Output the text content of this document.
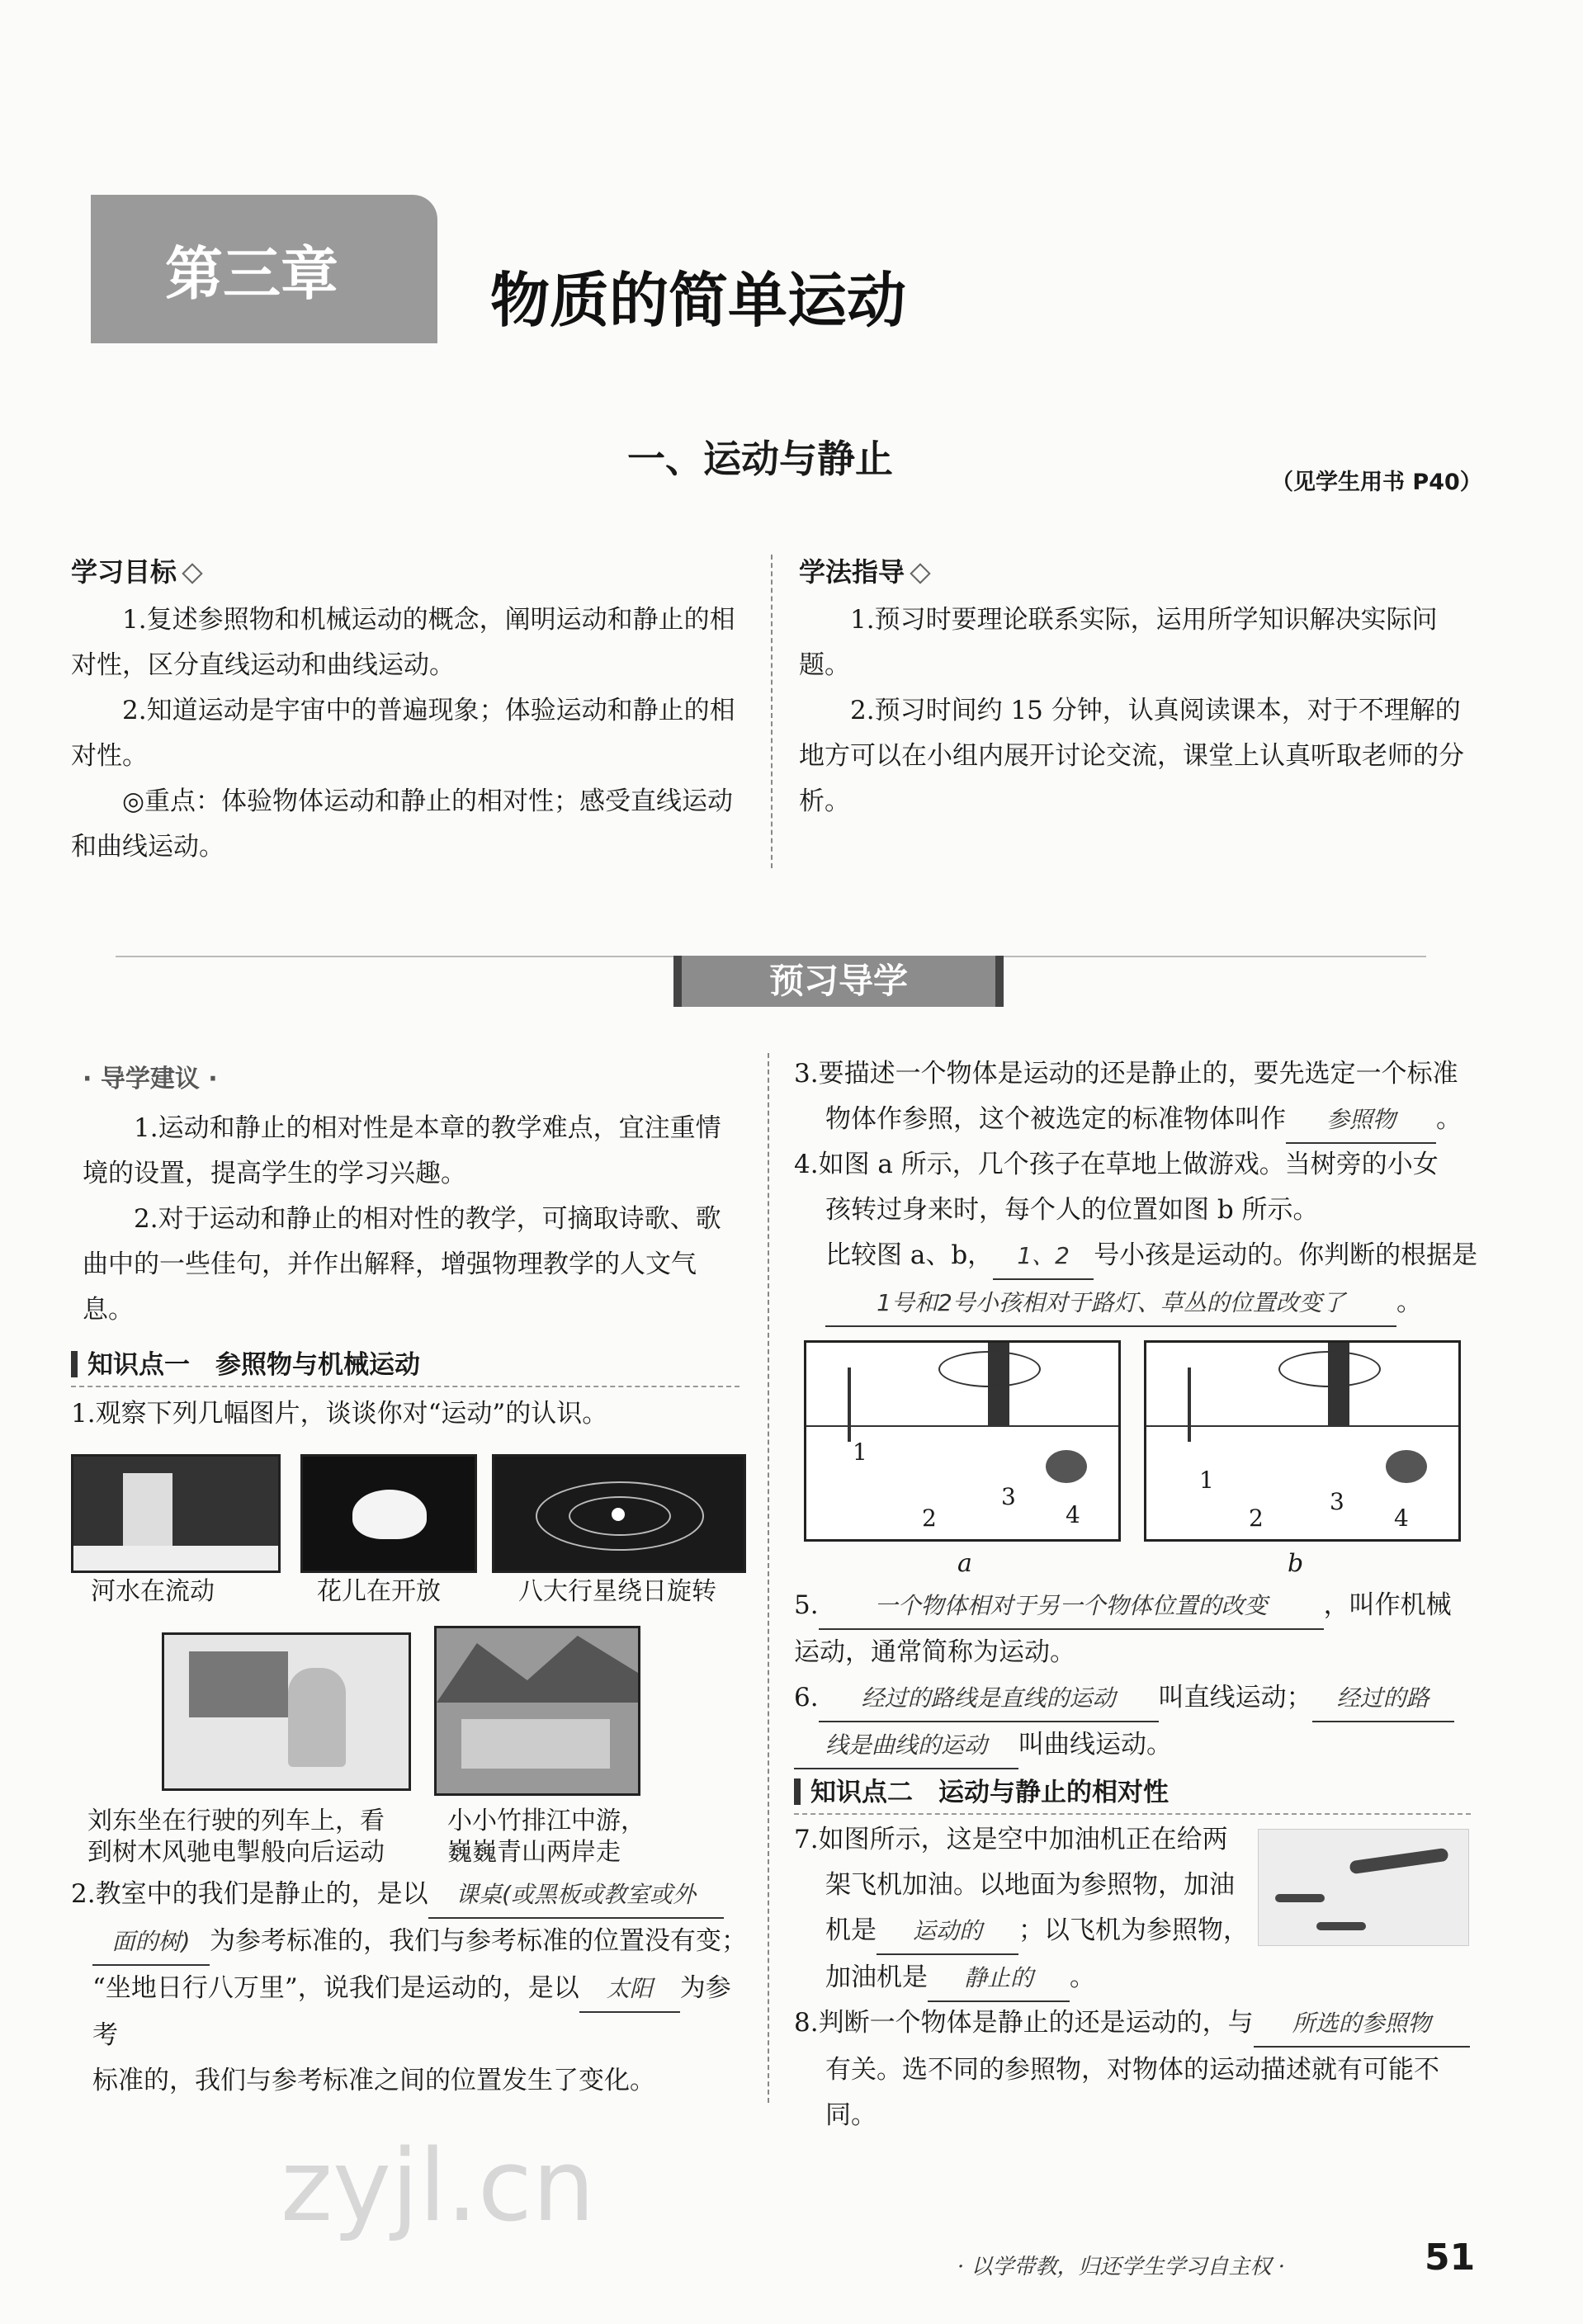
第三章	物质的简单运动
一、运动与静止
（见学生用书 P40）
学习目标

1.复述参照物和机械运动的概念，阐明运动和静止的相对性，区分直线运动和曲线运动。

2.知道运动是宇宙中的普遍现象；体验运动和静止的相对性。

◎重点：体验物体运动和静止的相对性；感受直线运动和曲线运动。

学法指导

1.预习时要理论联系实际，运用所学知识解决实际问题。

2.预习时间约 15 分钟，认真阅读课本，对于不理解的地方可以在小组内展开讨论交流，课堂上认真听取老师的分析。

预习导学
· 导学建议 ·

1.运动和静止的相对性是本章的教学难点，宜注重情境的设置，提高学生的学习兴趣。

2.对于运动和静止的相对性的教学，可摘取诗歌、歌曲中的一些佳句，并作出解释，增强物理教学的人文气息。

知识点一　参照物与机械运动

1.观察下列几幅图片，谈谈你对“运动”的认识。

河水在流动	花儿在开放	八大行星绕日旋转
刘东坐在行驶的列车上，看
到树木风驰电掣般向后运动
小小竹排江中游，
巍巍青山两岸走

2.教室中的我们是静止的，是以 课桌(或黑板或教室或外

面的树) 为参考标准的，我们与参考标准的位置没有变；

“坐地日行八万里”，说我们是运动的，是以 太阳 为参考

标准的，我们与参考标准之间的位置发生了变化。

3.要描述一个物体是运动的还是静止的，要先选定一个标准

物体作参照，这个被选定的标准物体叫作 参照物 。

4.如图 a 所示，几个孩子在草地上做游戏。当树旁的小女

孩转过身来时，每个人的位置如图 b 所示。

比较图 a、b， 1、2 号小孩是运动的。你判断的根据是

1号和2号小孩相对于路灯、草丛的位置改变了 。

1
2
3
4
a
1
2
3
4
b

5. 一个物体相对于另一个物体位置的改变 ，叫作机械

运动，通常简称为运动。

6. 经过的路线是直线的运动 叫直线运动； 经过的路

线是曲线的运动 叫曲线运动。

知识点二　运动与静止的相对性

7.如图所示，这是空中加油机正在给两

架飞机加油。以地面为参照物，加油

机是 运动的 ；以飞机为参照物，

加油机是 静止的 。

8.判断一个物体是静止的还是运动的，与 所选的参照物

有关。选不同的参照物，对物体的运动描述就有可能不同。

zyjl.cn
· 以学带教，归还学生学习自主权 ·	51
